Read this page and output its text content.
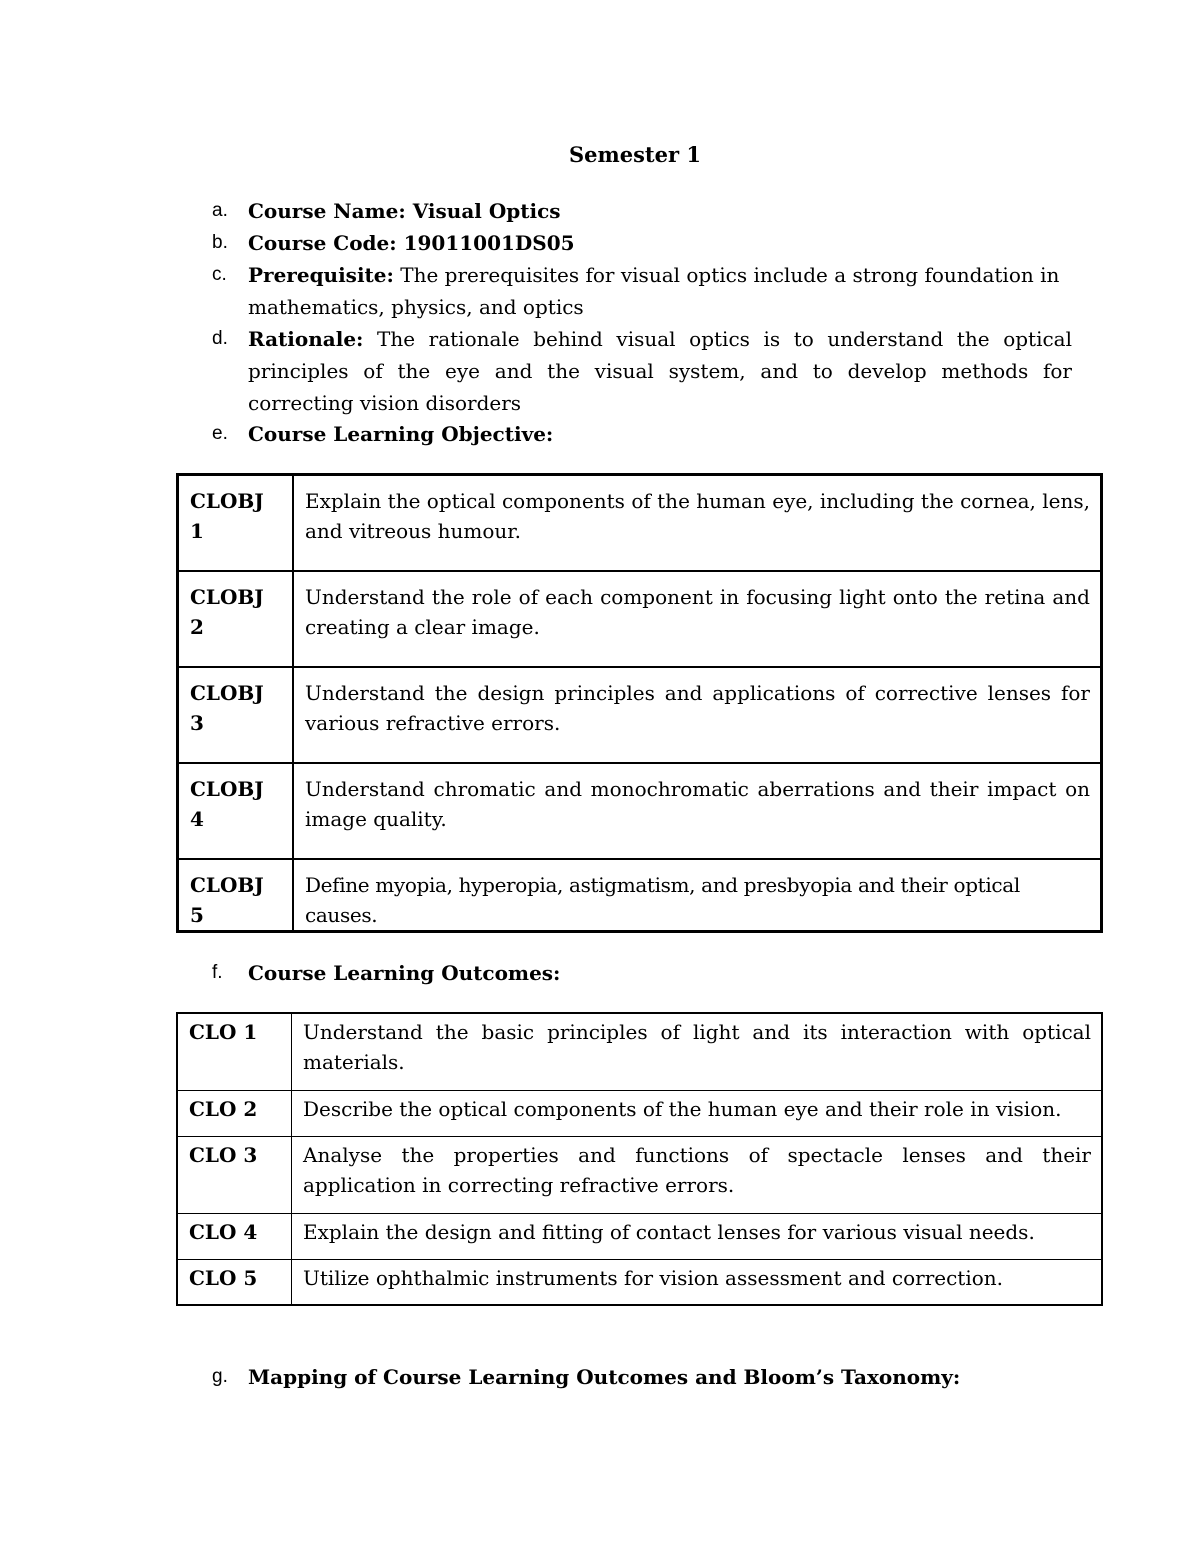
Semester 1
a.	Course Name: Visual Optics
b.	Course Code: 19011001DS05
c.	Prerequisite: The prerequisites for visual optics include a strong foundation in mathematics, physics, and optics
d.	Rationale: The rationale behind visual optics is to understand the optical principles of the eye and the visual system, and to develop methods for correcting vision disorders
e.	Course Learning Objective:
CLOBJ 1	Explain the optical components of the human eye, including the cornea, lens, and vitreous humour.
CLOBJ 2	Understand the role of each component in focusing light onto the retina and creating a clear image.
CLOBJ 3	Understand the design principles and applications of corrective lenses for various refractive errors.
CLOBJ 4	Understand chromatic and monochromatic aberrations and their impact on image quality.
CLOBJ 5	Define myopia, hyperopia, astigmatism, and presbyopia and their optical causes.
f.	Course Learning Outcomes:
CLO 1	Understand the basic principles of light and its interaction with optical materials.
CLO 2	Describe the optical components of the human eye and their role in vision.
CLO 3	Analyse the properties and functions of spectacle lenses and their application in correcting refractive errors.
CLO 4	Explain the design and fitting of contact lenses for various visual needs.
CLO 5	Utilize ophthalmic instruments for vision assessment and correction.
g.	Mapping of Course Learning Outcomes and Bloom’s Taxonomy:
